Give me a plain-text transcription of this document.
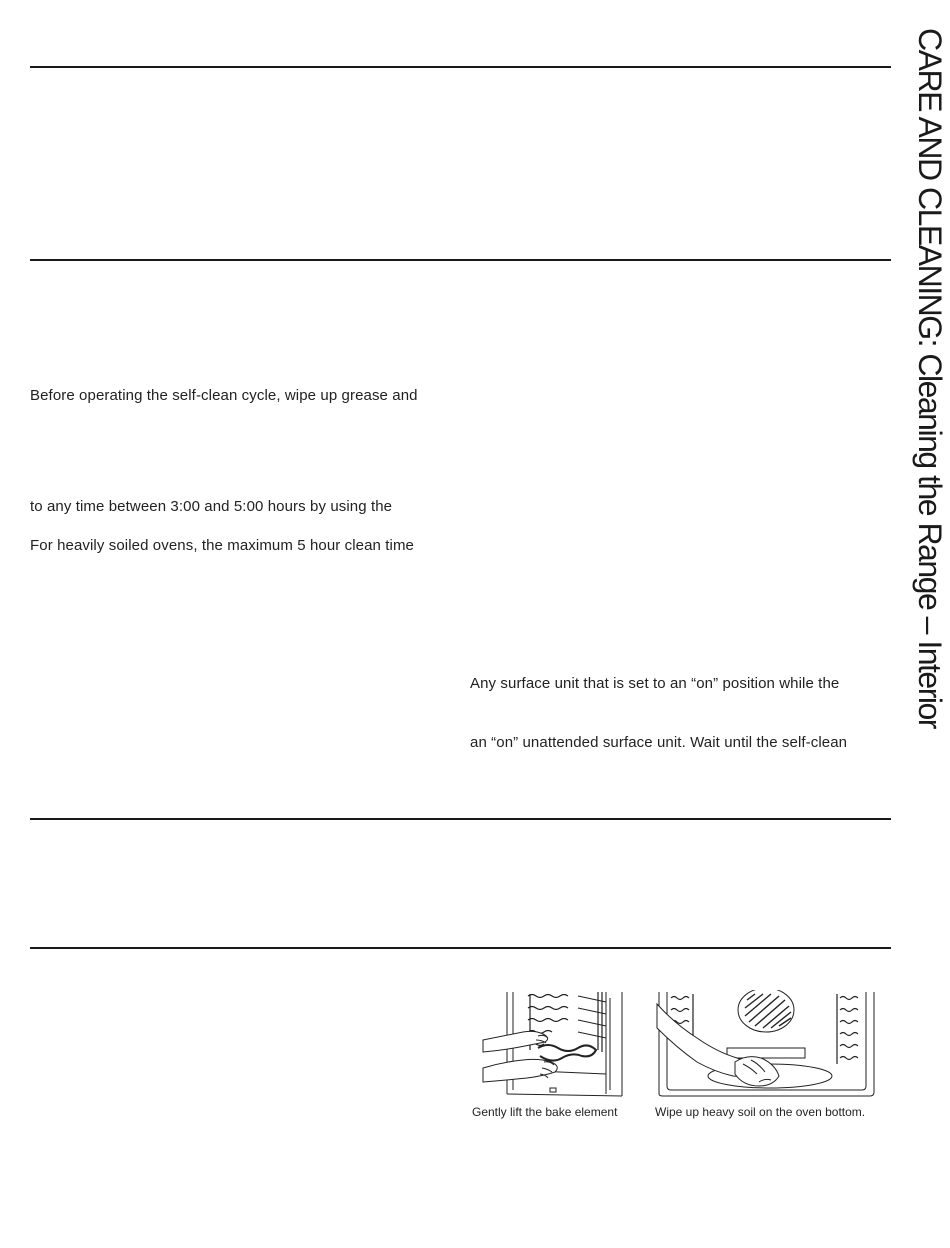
CARE AND CLEANING: Cleaning the Range – Interior
Before operating the self-clean cycle, wipe up grease and
to any time between 3:00 and 5:00 hours by using the
For heavily soiled ovens, the maximum 5 hour clean time
Any surface unit that is set to an “on” position while the
an “on” unattended surface unit. Wait until the self-clean
Gently lift the bake element	Wipe up heavy soil on the oven bottom.
